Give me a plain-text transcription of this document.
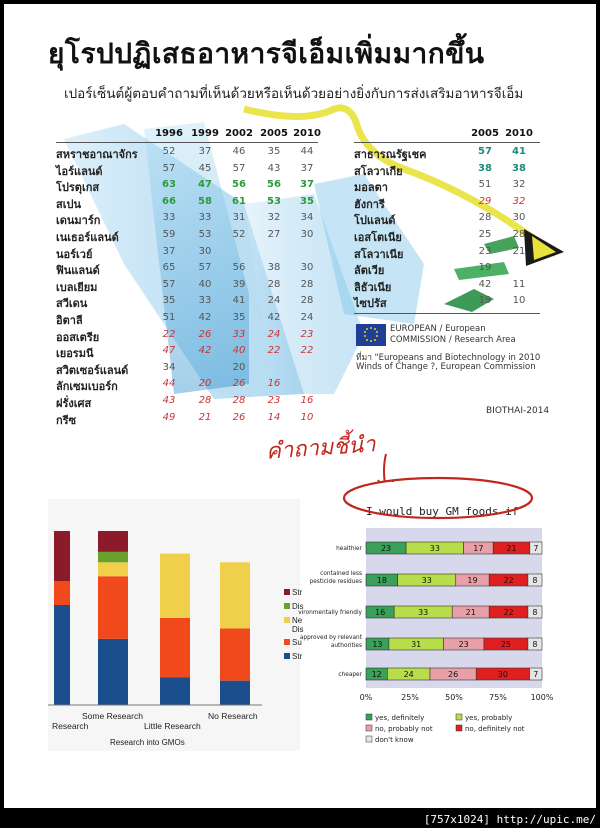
ยุโรปปฏิเสธอาหารจีเอ็มเพิ่มมากขึ้น
เปอร์เซ็นต์ผู้ตอบคำถามที่เห็นด้วยหรือเห็นด้วยอย่างยิ่งกับการส่งเสริมอาหารจีเอ็ม
1996 1999 2002 2005 2010
สหราชอาณาจักร	52	37	46	35	44
ไอร์แลนด์	57	45	57	43	37
โปรตุเกส	63	47	56	56	37
สเปน	66	58	61	53	35
เดนมาร์ก	33	33	31	32	34
เนเธอร์แลนด์	59	53	52	27	30
นอร์เวย์	37	30
ฟินแลนด์	65	57	56	38	30
เบลเยียม	57	40	39	28	28
สวีเดน	35	33	41	24	28
อิตาลี	51	42	35	42	24
ออสเตรีย	22	26	33	24	23
เยอรมนี	47	42	40	22	22
สวิตเซอร์แลนด์	34	20
ลักเซมเบอร์ก	44	20	26	16
ฝรั่งเศส	43	28	28	23	16
กรีซ	49	21	26	14	10
2005 2010
สาธารณรัฐเชค	57	41
สโลวาเกีย	38	38
มอลตา	51	32
ฮังการี	29	32
โปแลนด์	28	30
เอสโตเนีย	25	28
สโลวาเนีย	23	21
ลัตเวีย	19
ลิธัวเนีย	42	11
ไซปรัส	19	10
EUROPEAN / European
COMMISSION / Research Area
ที่มา "Europeans and Biotechnology in 2010
Winds of Change ?, European Commission
BIOTHAI-2014
คำถามชี้นำ
Research
Some Research
Little Research
No Research
Research into GMOs
Str
Dis
Ne
Dis
Su
Str
I would buy GM foods if
23	33	17	21 7
healthier
18	33	19	22 8
contained less
pesticide residues
16	33	21	22 8
vironmentally friendly
13	31	23	25	8
approved by relevant
authorities
12	24	26	30	7
cheaper
0%	25%	50%	75%	100%
yes, definitely	yes, probably
no, probably not	no, definitely not
don't know
[757x1024] http://upic.me/
